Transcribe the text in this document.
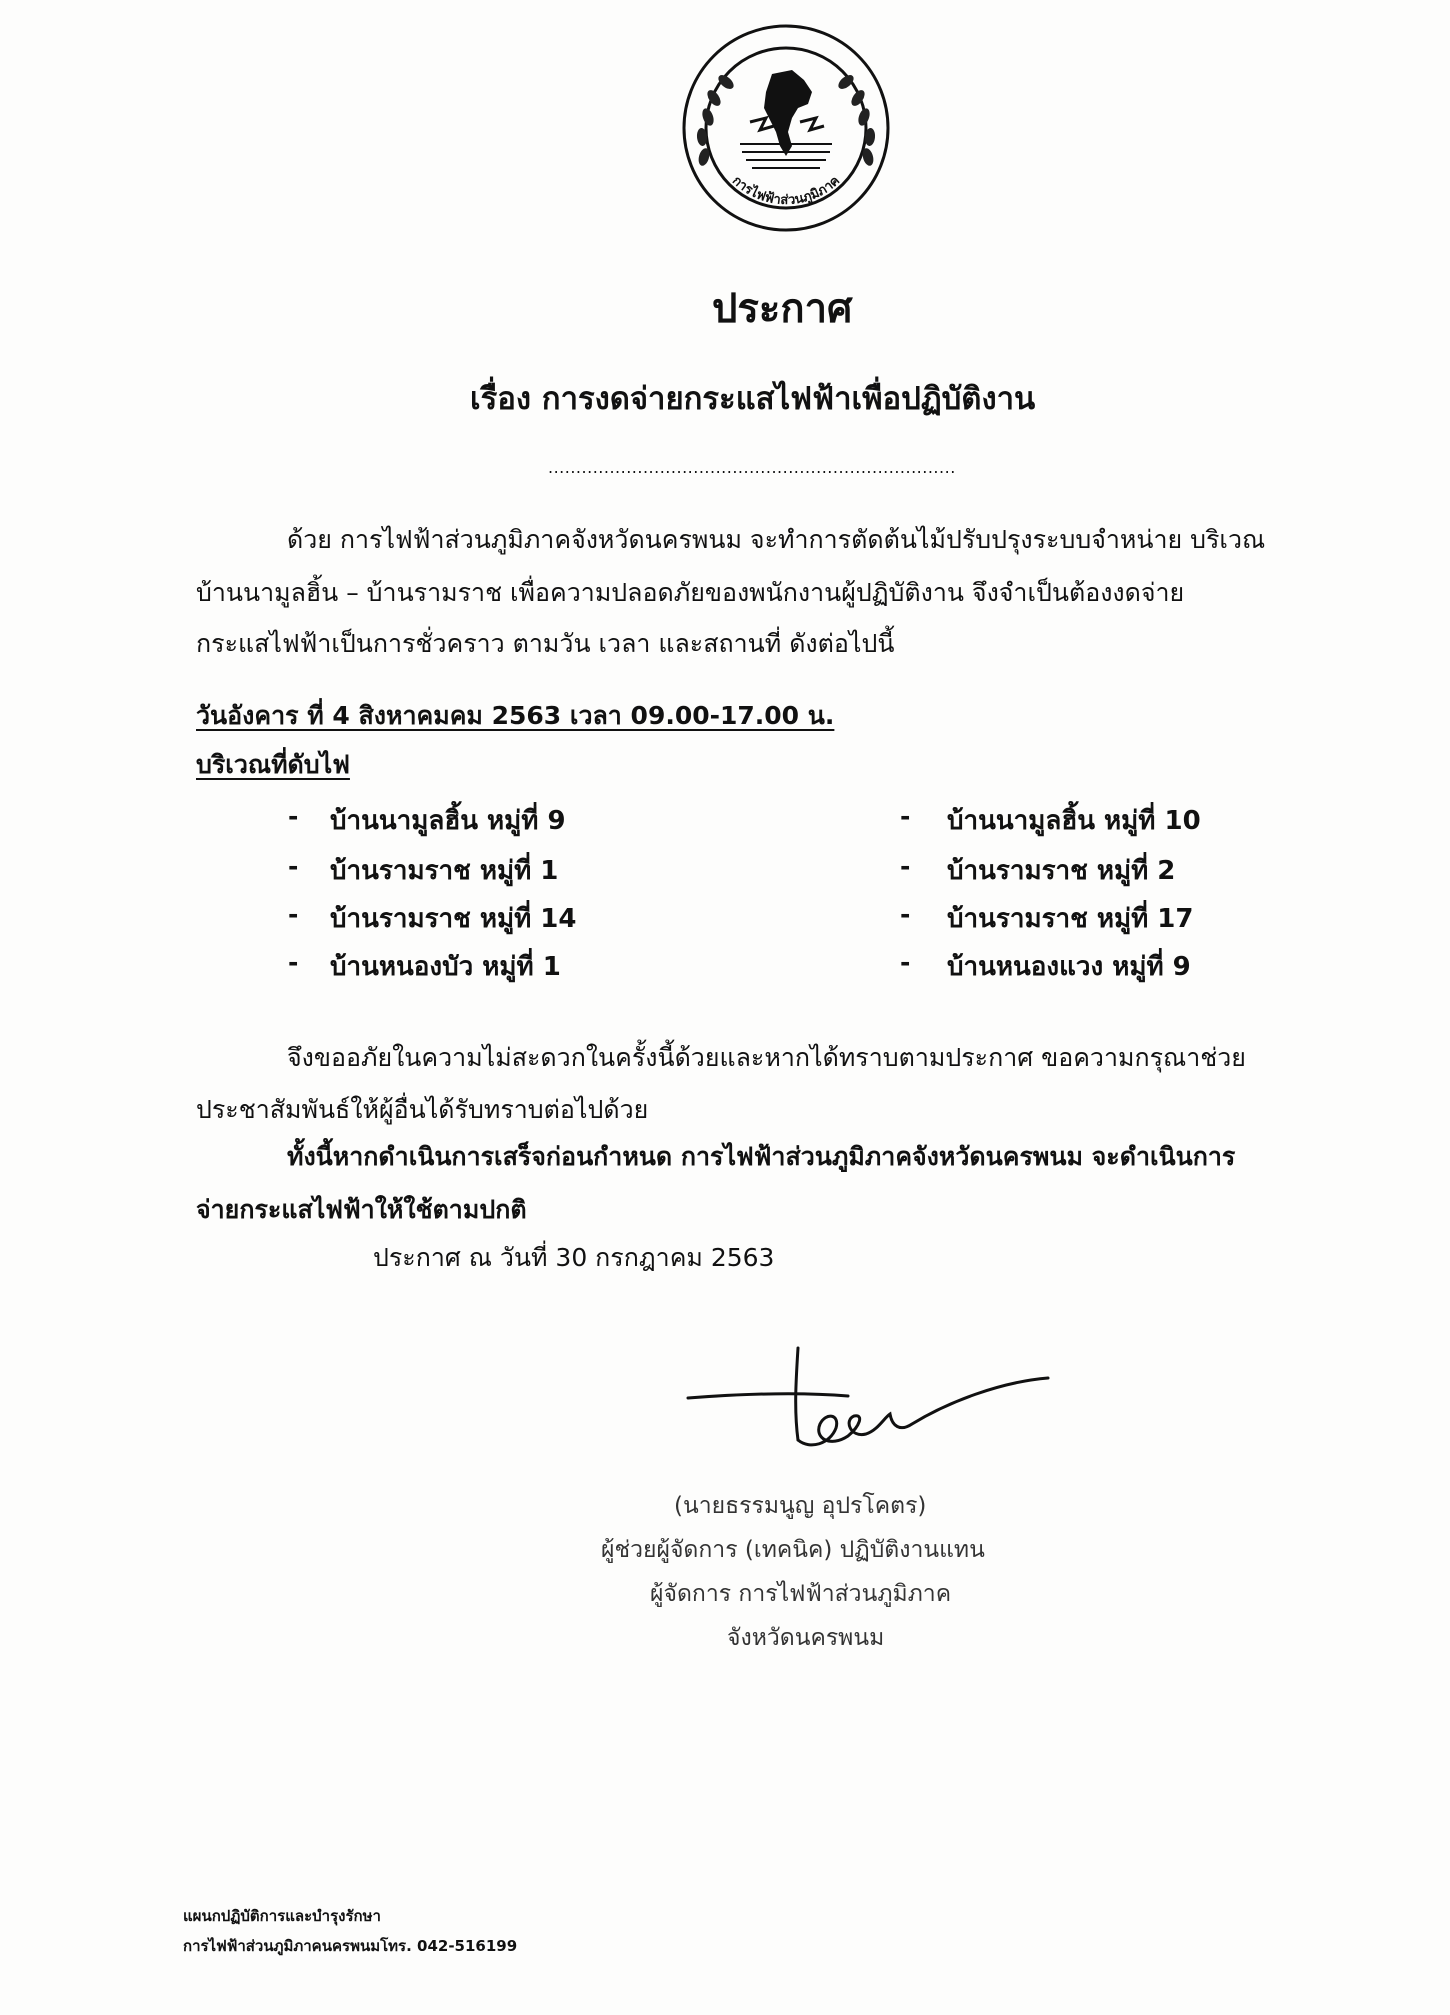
การไฟฟ้าส่วนภูมิภาค
ประกาศ
เรื่อง การงดจ่ายกระแสไฟฟ้าเพื่อปฏิบัติงาน
.........................................................................
ด้วย การไฟฟ้าส่วนภูมิภาคจังหวัดนครพนม จะทำการตัดต้นไม้ปรับปรุงระบบจำหน่าย บริเวณ
บ้านนามูลฮิ้น – บ้านรามราช เพื่อความปลอดภัยของพนักงานผู้ปฏิบัติงาน จึงจำเป็นต้องงดจ่าย
กระแสไฟฟ้าเป็นการชั่วคราว ตามวัน เวลา และสถานที่ ดังต่อไปนี้
วันอังคาร ที่ 4 สิงหาคมคม 2563 เวลา 09.00-17.00 น.
บริเวณที่ดับไฟ
- บ้านนามูลฮิ้น หมู่ที่ 9
- บ้านรามราช หมู่ที่ 1
- บ้านรามราช หมู่ที่ 14
- บ้านหนองบัว หมู่ที่ 1
- บ้านนามูลฮิ้น หมู่ที่ 10
- บ้านรามราช หมู่ที่ 2
- บ้านรามราช หมู่ที่ 17
- บ้านหนองแวง หมู่ที่ 9
จึงขออภัยในความไม่สะดวกในครั้งนี้ด้วยและหากได้ทราบตามประกาศ ขอความกรุณาช่วย
ประชาสัมพันธ์ให้ผู้อื่นได้รับทราบต่อไปด้วย
ทั้งนี้หากดำเนินการเสร็จก่อนกำหนด การไฟฟ้าส่วนภูมิภาคจังหวัดนครพนม จะดำเนินการ
จ่ายกระแสไฟฟ้าให้ใช้ตามปกติ
ประกาศ ณ วันที่ 30 กรกฎาคม 2563
(นายธรรมนูญ อุปรโคตร)
ผู้ช่วยผู้จัดการ (เทคนิค) ปฏิบัติงานแทน
ผู้จัดการ การไฟฟ้าส่วนภูมิภาค
จังหวัดนครพนม
แผนกปฏิบัติการและบำรุงรักษา
การไฟฟ้าส่วนภูมิภาคนครพนมโทร. 042-516199
